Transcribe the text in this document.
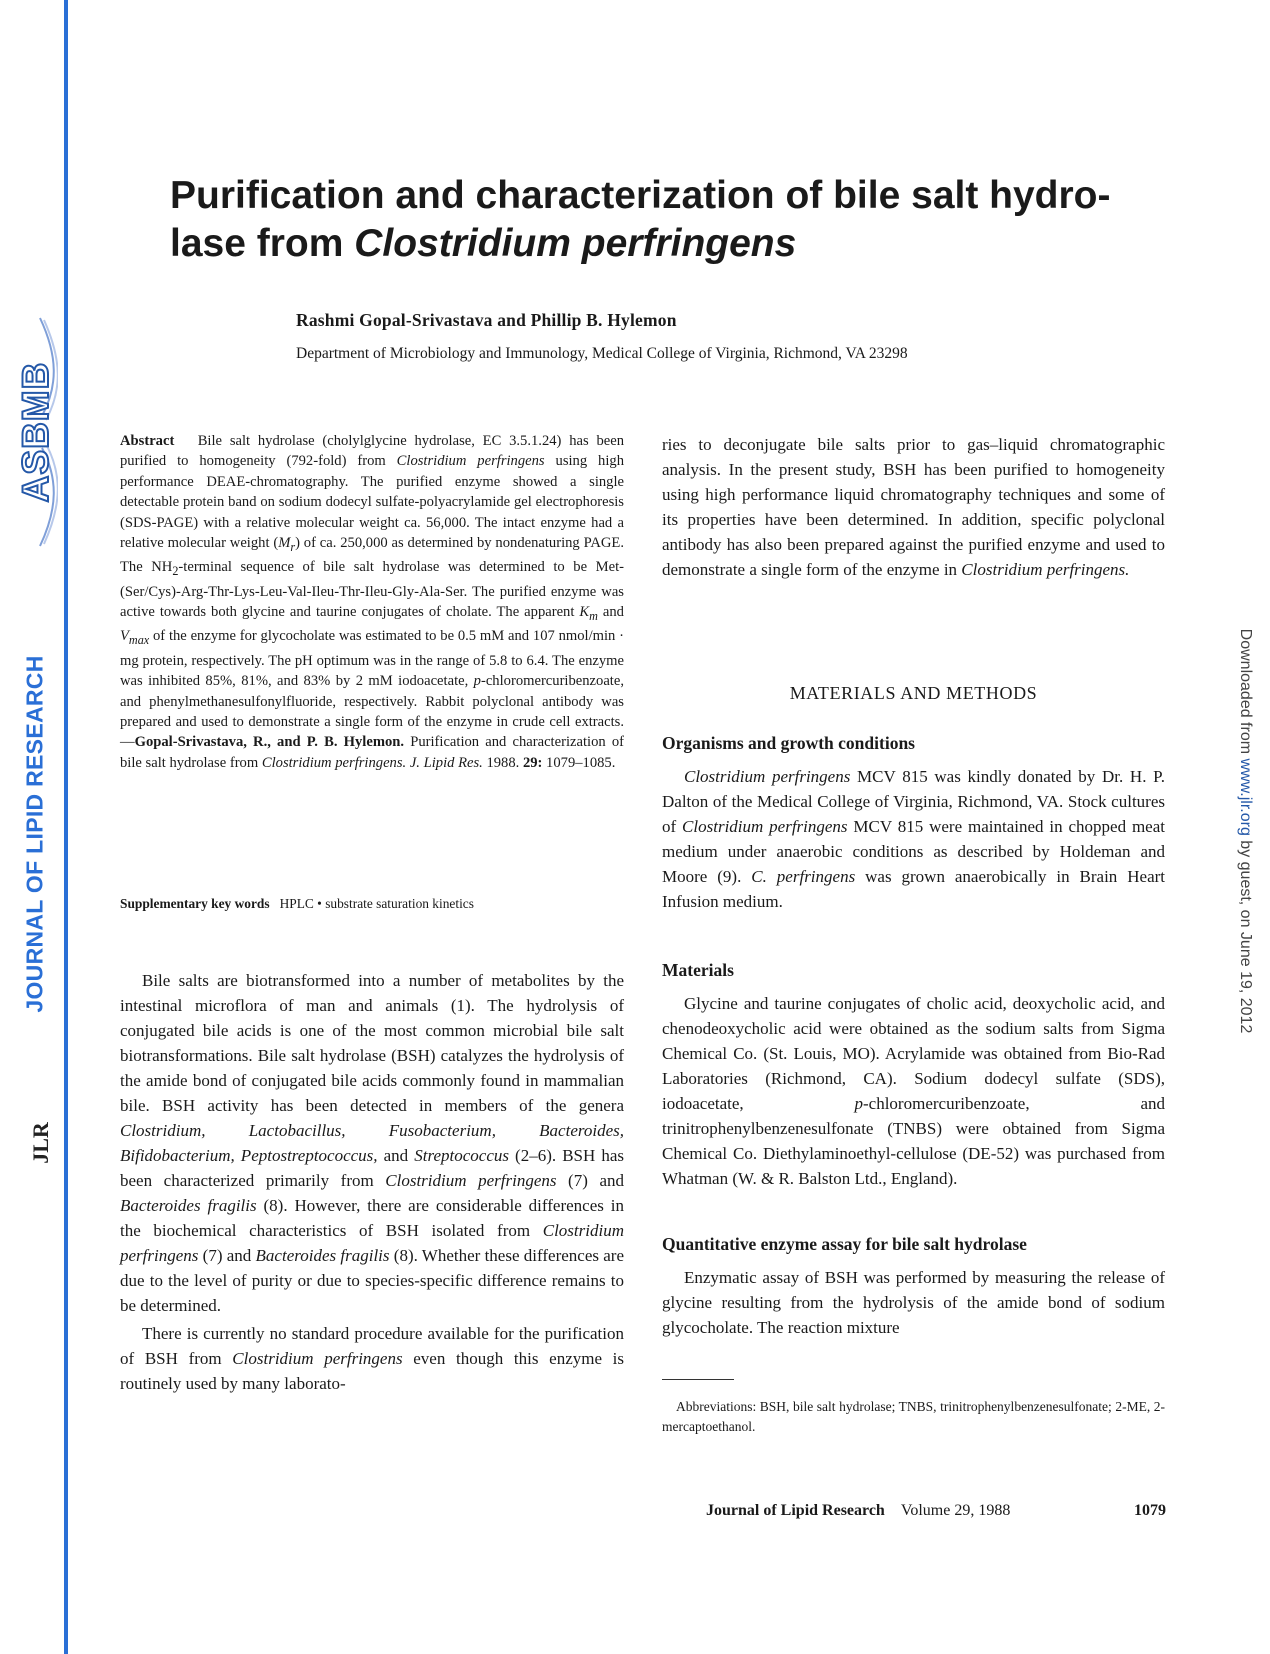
ASBMB
JOURNAL OF LIPID RESEARCH
JLR
Downloaded from www.jlr.org by guest, on June 19, 2012
Purification and characterization of bile salt hydro-
lase from Clostridium perfringens
Rashmi Gopal-Srivastava and Phillip B. Hylemon
Department of Microbiology and Immunology, Medical College of Virginia, Richmond, VA 23298
Abstract Bile salt hydrolase (cholylglycine hydrolase, EC 3.5.1.24) has been purified to homogeneity (792-fold) from Clostridium perfringens using high performance DEAE-chromatography. The purified enzyme showed a single detectable protein band on sodium dodecyl sulfate-polyacrylamide gel electrophoresis (SDS-PAGE) with a relative molecular weight ca. 56,000. The intact enzyme had a relative molecular weight $(M_r)$ of ca. 250,000 as determined by nondenaturing PAGE. The $NH_2$-terminal sequence of bile salt hydrolase was determined to be Met-(Ser/Cys)-Arg-Thr-Lys-Leu-Val-Ileu-Thr-Ileu-Gly-Ala-Ser. The purified enzyme was active towards both glycine and taurine conjugates of cholate. The apparent $K_m$ and $V_{max}$ of the enzyme for glycocholate was estimated to be 0.5 mM and 107 nmol/min · mg protein, respectively. The pH optimum was in the range of 5.8 to 6.4. The enzyme was inhibited 85%, 81%, and 83% by 2 mM iodoacetate, p-chloromercuribenzoate, and phenylmethanesulfonylfluoride, respectively. Rabbit polyclonal antibody was prepared and used to demonstrate a single form of the enzyme in crude cell extracts.—Gopal-Srivastava, R., and P. B. Hylemon. Purification and characterization of bile salt hydrolase from Clostridium perfringens. J. Lipid Res. 1988. 29: 1079–1085.
Supplementary key words HPLC • substrate saturation kinetics

Bile salts are biotransformed into a number of metabolites by the intestinal microflora of man and animals (1). The hydrolysis of conjugated bile acids is one of the most common microbial bile salt biotransformations. Bile salt hydrolase (BSH) catalyzes the hydrolysis of the amide bond of conjugated bile acids commonly found in mammalian bile. BSH activity has been detected in members of the genera Clostridium, Lactobacillus, Fusobacterium, Bacteroides, Bifidobacterium, Peptostreptococcus, and Streptococcus (2–6). BSH has been characterized primarily from Clostridium perfringens (7) and Bacteroides fragilis (8). However, there are considerable differences in the biochemical characteristics of BSH isolated from Clostridium perfringens (7) and Bacteroides fragilis (8). Whether these differences are due to the level of purity or due to species-specific difference remains to be determined.

There is currently no standard procedure available for the purification of BSH from Clostridium perfringens even though this enzyme is routinely used by many laborato-

ries to deconjugate bile salts prior to gas–liquid chromatographic analysis. In the present study, BSH has been purified to homogeneity using high performance liquid chromatography techniques and some of its properties have been determined. In addition, specific polyclonal antibody has also been prepared against the purified enzyme and used to demonstrate a single form of the enzyme in Clostridium perfringens.
MATERIALS AND METHODS
Organisms and growth conditions
Clostridium perfringens MCV 815 was kindly donated by Dr. H. P. Dalton of the Medical College of Virginia, Richmond, VA. Stock cultures of Clostridium perfringens MCV 815 were maintained in chopped meat medium under anaerobic conditions as described by Holdeman and Moore (9). C. perfringens was grown anaerobically in Brain Heart Infusion medium.
Materials
Glycine and taurine conjugates of cholic acid, deoxycholic acid, and chenodeoxycholic acid were obtained as the sodium salts from Sigma Chemical Co. (St. Louis, MO). Acrylamide was obtained from Bio-Rad Laboratories (Richmond, CA). Sodium dodecyl sulfate (SDS), iodoacetate, p-chloromercuribenzoate, and trinitrophenylbenzenesulfonate (TNBS) were obtained from Sigma Chemical Co. Diethylaminoethyl-cellulose (DE-52) was purchased from Whatman (W. & R. Balston Ltd., England).
Quantitative enzyme assay for bile salt hydrolase
Enzymatic assay of BSH was performed by measuring the release of glycine resulting from the hydrolysis of the amide bond of sodium glycocholate. The reaction mixture
Abbreviations: BSH, bile salt hydrolase; TNBS, trinitrophenylbenzenesulfonate; 2-ME, 2-mercaptoethanol.
Journal of Lipid Research Volume 29, 1988	1079
